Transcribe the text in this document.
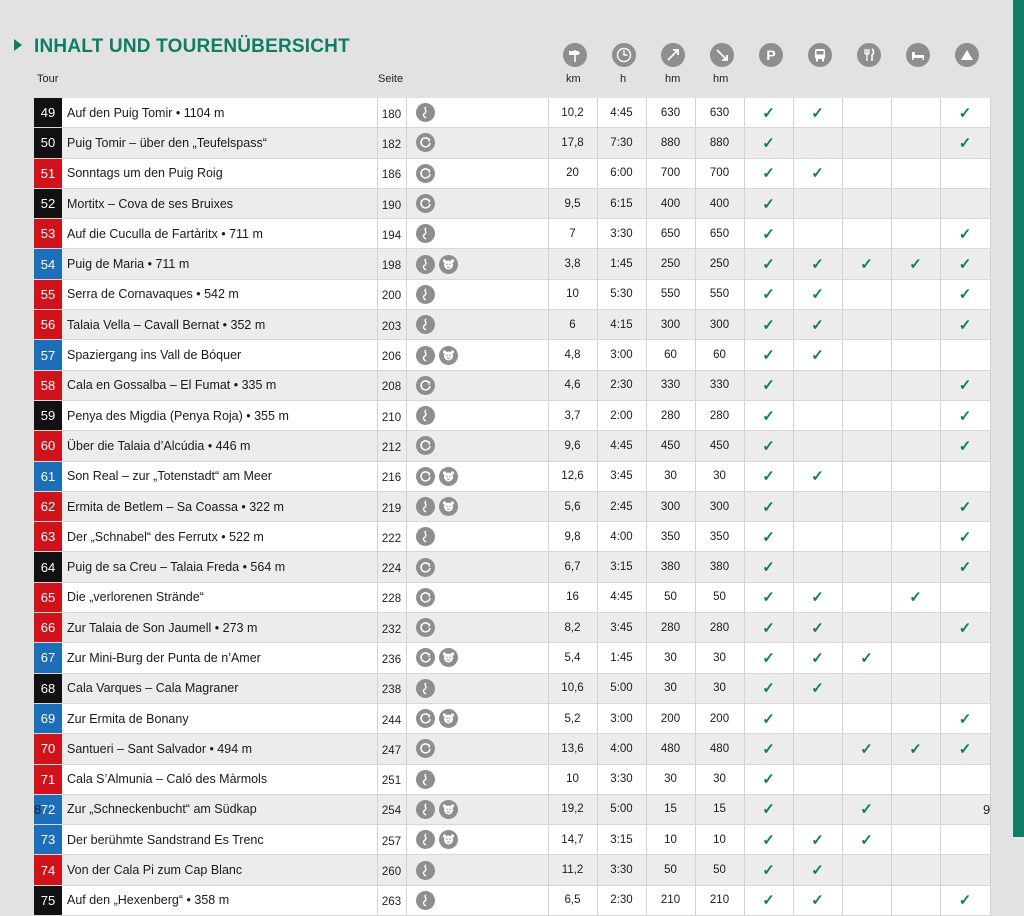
INHALT UND TOURENÜBERSICHT
Tour	Seite	km	h	hm	hm
P
49	Auf den Puig Tomir • 1104 m	180		10,2	4:45	630	630	✓	✓			✓
50	Puig Tomir – über den „Teufelspass“	182		17,8	7:30	880	880	✓				✓
51	Sonntags um den Puig Roig	186		20	6:00	700	700	✓	✓			
52	Mortitx – Cova de ses Bruixes	190		9,5	6:15	400	400	✓				
53	Auf die Cuculla de Fartàritx • 711 m	194		7	3:30	650	650	✓				✓
54	Puig de Maria • 711 m	198		3,8	1:45	250	250	✓	✓	✓	✓	✓
55	Serra de Cornavaques • 542 m	200		10	5:30	550	550	✓	✓			✓
56	Talaia Vella – Cavall Bernat • 352 m	203		6	4:15	300	300	✓	✓			✓
57	Spaziergang ins Vall de Bóquer	206		4,8	3:00	60	60	✓	✓			
58	Cala en Gossalba – El Fumat • 335 m	208		4,6	2:30	330	330	✓				✓
59	Penya des Migdia (Penya Roja) • 355 m	210		3,7	2:00	280	280	✓				✓
60	Über die Talaia d’Alcúdia • 446 m	212		9,6	4:45	450	450	✓				✓
61	Son Real – zur „Totenstadt“ am Meer	216		12,6	3:45	30	30	✓	✓			
62	Ermita de Betlem – Sa Coassa • 322 m	219		5,6	2:45	300	300	✓				✓
63	Der „Schnabel“ des Ferrutx • 522 m	222		9,8	4:00	350	350	✓				✓
64	Puig de sa Creu – Talaia Freda • 564 m	224		6,7	3:15	380	380	✓				✓
65	Die „verlorenen Strände“	228		16	4:45	50	50	✓	✓		✓	
66	Zur Talaia de Son Jaumell • 273 m	232		8,2	3:45	280	280	✓	✓			✓
67	Zur Mini-Burg der Punta de n’Amer	236		5,4	1:45	30	30	✓	✓	✓		
68	Cala Varques – Cala Magraner	238		10,6	5:00	30	30	✓	✓			
69	Zur Ermita de Bonany	244		5,2	3:00	200	200	✓				✓
70	Santueri – Sant Salvador • 494 m	247		13,6	4:00	480	480	✓		✓	✓	✓
71	Cala S’Almunia – Caló des Màrmols	251		10	3:30	30	30	✓				
72	Zur „Schneckenbucht“ am Südkap	254		19,2	5:00	15	15	✓		✓		
73	Der berühmte Sandstrand Es Trenc	257		14,7	3:15	10	10	✓	✓	✓		
74	Von der Cala Pi zum Cap Blanc	260		11,2	3:30	50	50	✓	✓			
75	Auf den „Hexenberg“ • 358 m	263		6,5	2:30	210	210	✓	✓			✓
8	9
